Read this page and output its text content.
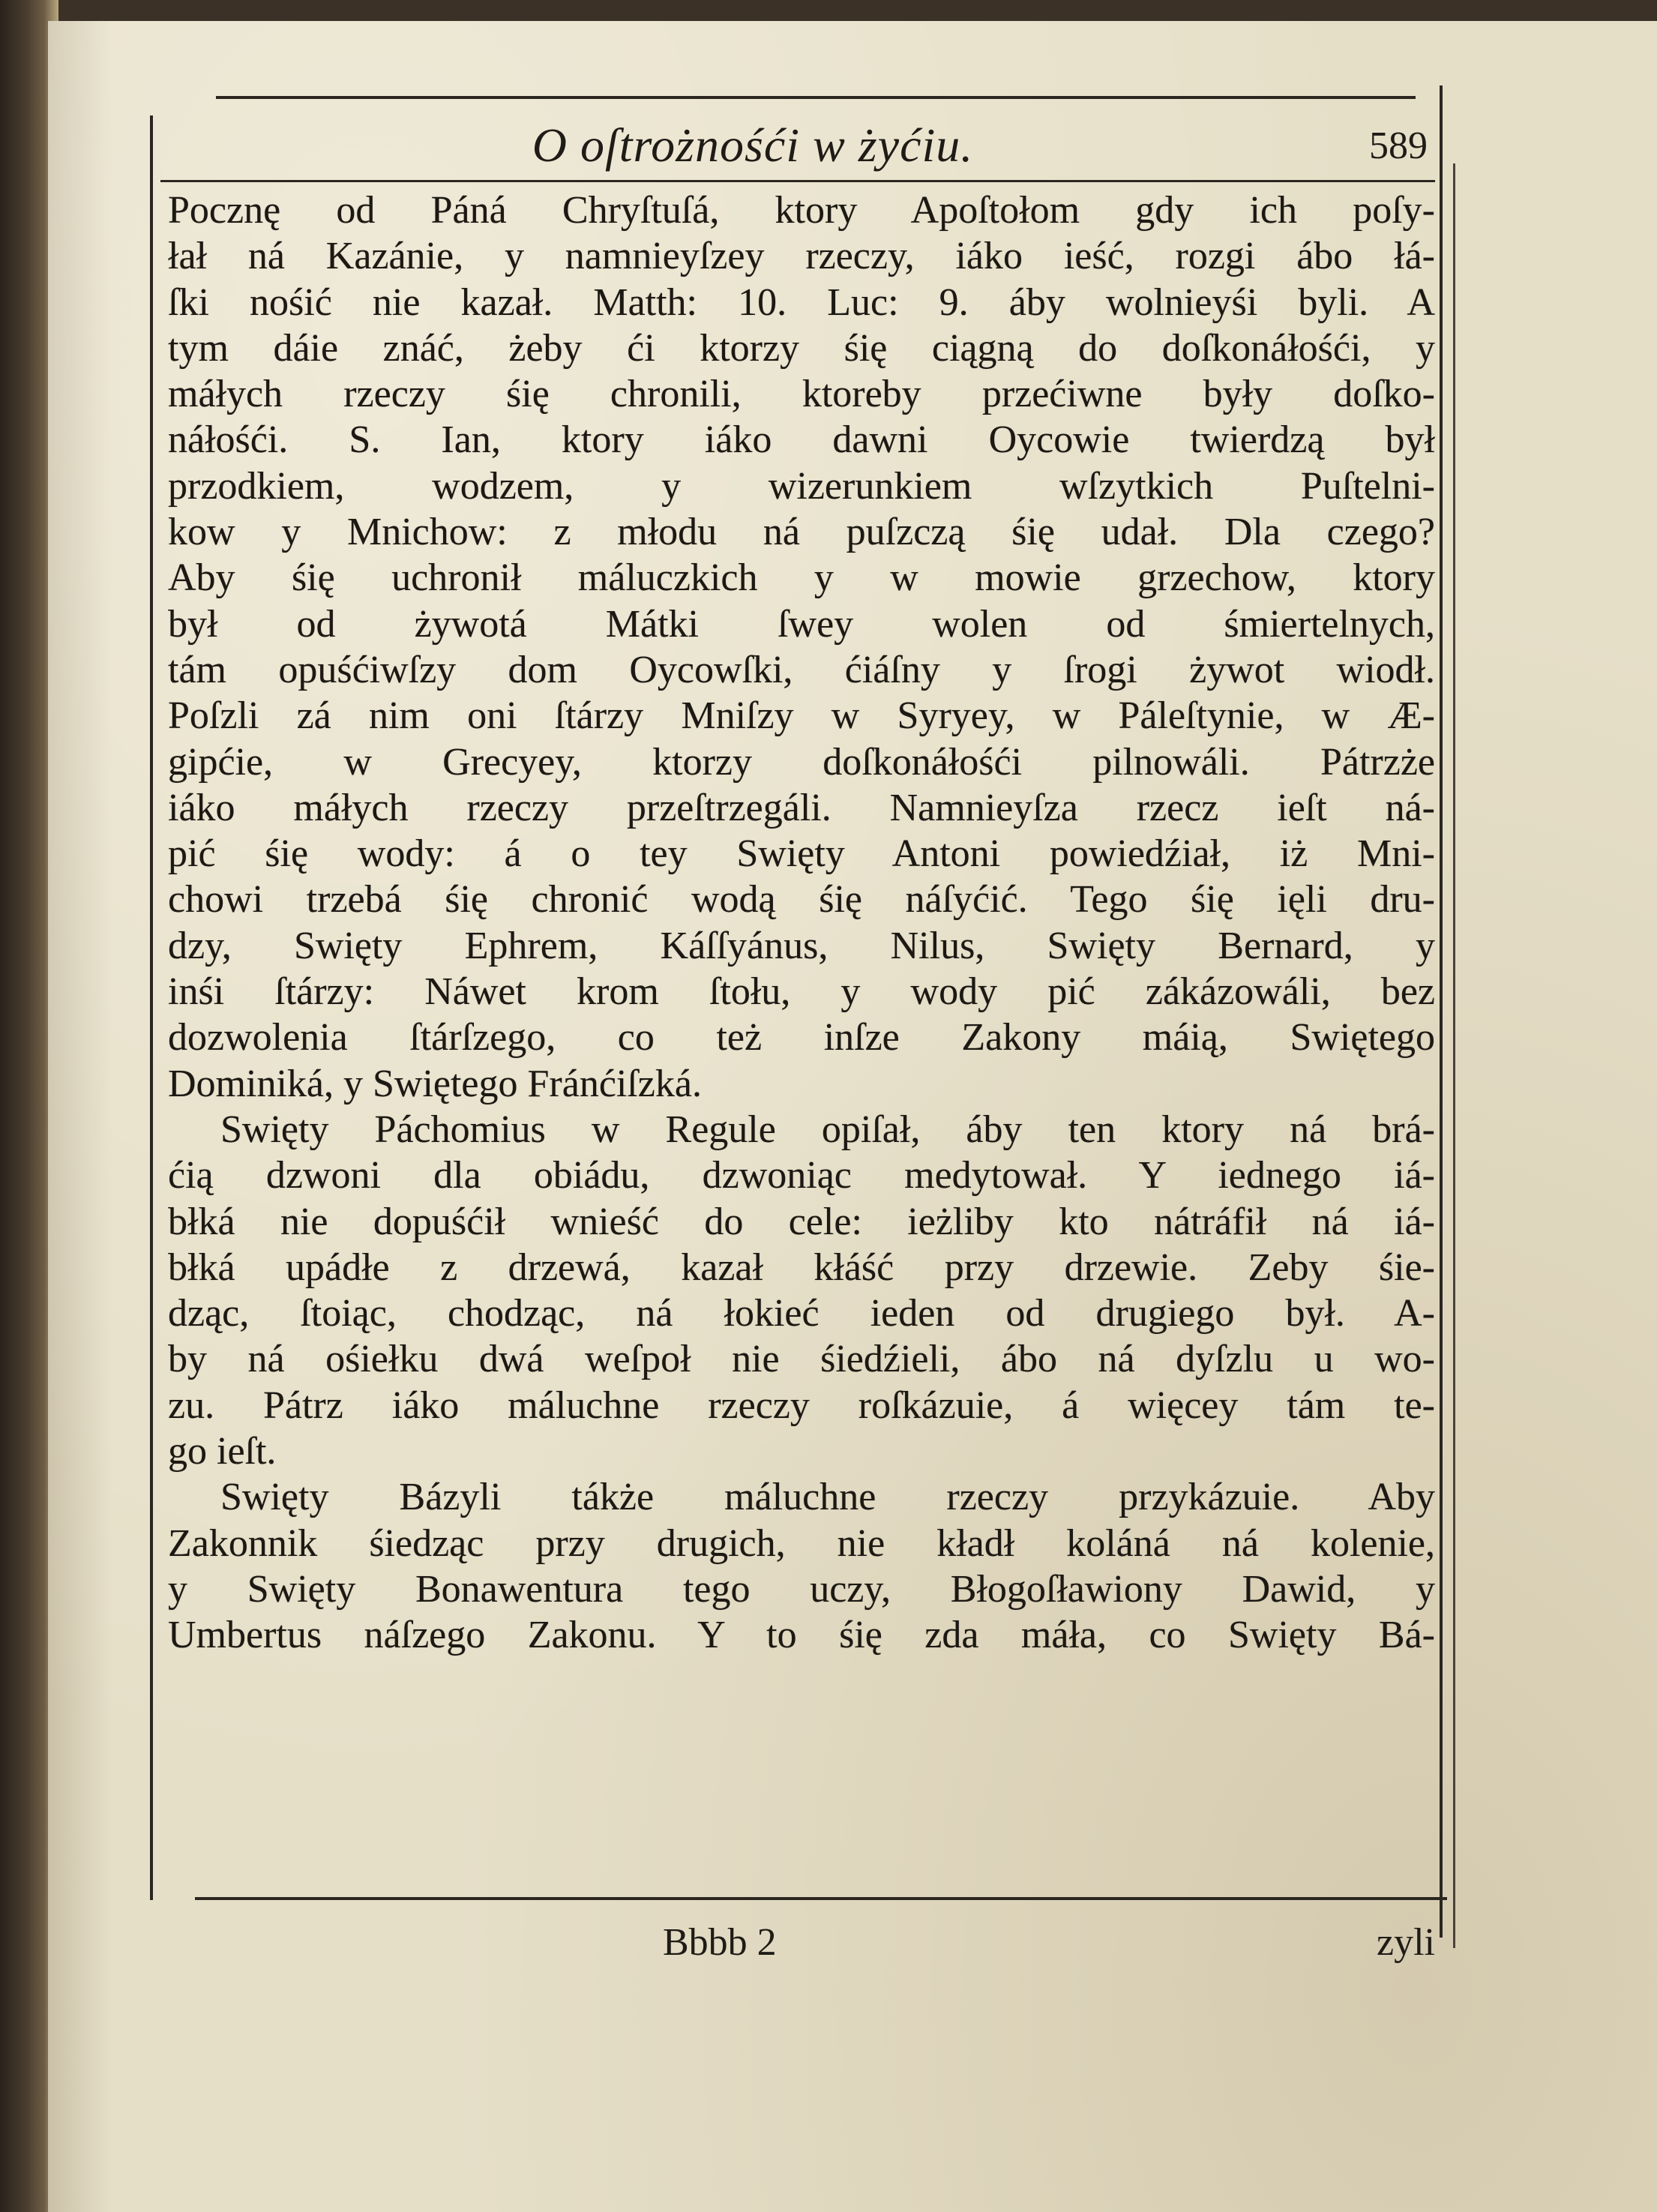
O oſtrożnośći w żyćiu.	589
Pocznę od Páná Chryſtuſá, ktory Apoſtołom gdy ich poſy-
łał ná Kazánie, y namnieyſzey rzeczy, iáko ieść, rozgi ábo łá-
ſki nośić nie kazał. Matth: 10. Luc: 9. áby wolnieyśi byli. A
tym dáie znáć, żeby ći ktorzy śię ciągną do doſkonáłośći, y
máłych rzeczy śię chronili, ktoreby przećiwne były doſko-
náłośći. S. Ian, ktory iáko dawni Oycowie twierdzą był
przodkiem, wodzem, y wizerunkiem wſzytkich Puſtelni-
kow y Mnichow: z młodu ná puſzczą śię udał. Dla czego?
Aby śię uchronił máluczkich y w mowie grzechow, ktory
był od żywotá Mátki ſwey wolen od śmiertelnych,
tám opuśćiwſzy dom Oycowſki, ćiáſny y ſrogi żywot wiodł.
Poſzli zá nim oni ſtárzy Mniſzy w Syryey, w Páleſtynie, w Æ-
gipćie, w Grecyey, ktorzy doſkonáłośći pilnowáli. Pátrzże
iáko máłych rzeczy przeſtrzegáli. Namnieyſza rzecz ieſt ná-
pić śię wody: á o tey Swięty Antoni powiedźiał, iż Mni-
chowi trzebá śię chronić wodą śię náſyćić. Tego śię ięli dru-
dzy, Swięty Ephrem, Káſſyánus, Nilus, Swięty Bernard, y
inśi ſtárzy: Náwet krom ſtołu, y wody pić zákázowáli, bez
dozwolenia ſtárſzego, co też inſze Zakony máią, Swiętego
Dominiká, y Swiętego Fránćiſzká.
Swięty Páchomius w Regule opiſał, áby ten ktory ná brá-
ćią dzwoni dla obiádu, dzwoniąc medytował. Y iednego iá-
błká nie dopuśćił wnieść do cele: ieżliby kto nátráfił ná iá-
błká upádłe z drzewá, kazał kłáść przy drzewie. Zeby śie-
dząc, ſtoiąc, chodząc, ná łokieć ieden od drugiego był. A-
by ná ośiełku dwá weſpoł nie śiedźieli, ábo ná dyſzlu u wo-
zu. Pátrz iáko máluchne rzeczy roſkázuie, á więcey tám te-
go ieſt.
Swięty Bázyli tákże máluchne rzeczy przykázuie. Aby
Zakonnik śiedząc przy drugich, nie kładł koláná ná kolenie,
y Swięty Bonawentura tego uczy, Błogoſławiony Dawid, y
Umbertus náſzego Zakonu. Y to śię zda máła, co Swięty Bá-
Bbbb 2	zyli
